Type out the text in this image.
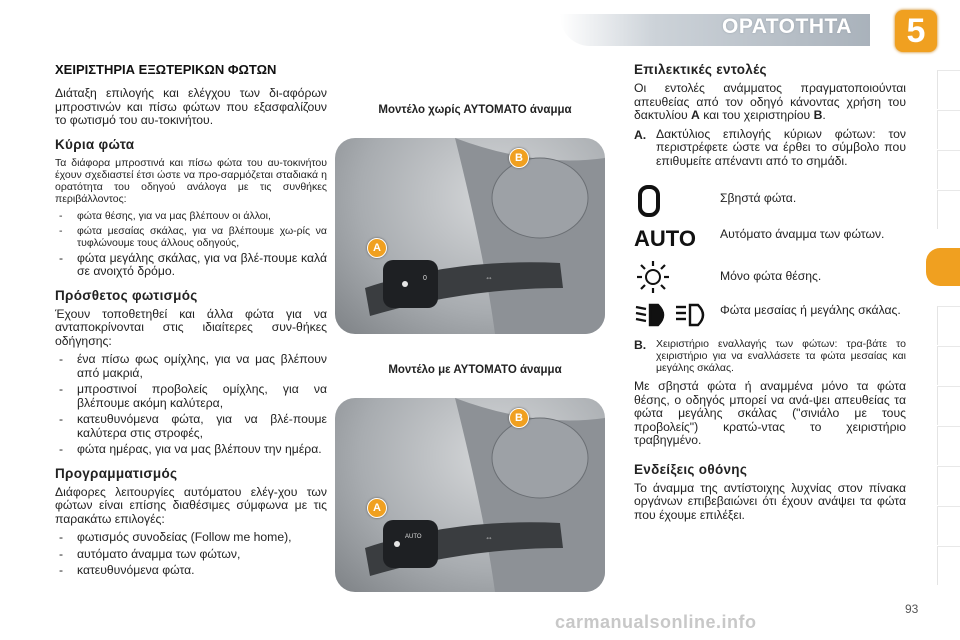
ΟΡΑΤΟΤΗΤΑ	5
ΧΕΙΡΙΣΤΗΡΙΑ ΕΞΩΤΕΡΙΚΩΝ ΦΩΤΩΝ

Διάταξη επιλογής και ελέγχου των δι-αφόρων μπροστινών και πίσω φώτων που εξασφαλίζουν το φωτισμό του αυ-τοκινήτου.

Κύρια φώτα

Τα διάφορα μπροστινά και πίσω φώτα του αυ-τοκινήτου έχουν σχεδιαστεί έτσι ώστε να προ-σαρμόζεται σταδιακά η ορατότητα του οδηγού ανάλογα με τις συνθήκες περιβάλλοντος:

- φώτα θέσης, για να μας βλέπουν οι άλλοι,
- φώτα μεσαίας σκάλας, για να βλέπουμε χω-ρίς να τυφλώνουμε τους άλλους οδηγούς,
- φώτα μεγάλης σκάλας, για να βλέ-πουμε καλά σε ανοιχτό δρόμο.
Πρόσθετος φωτισμός

Έχουν τοποθετηθεί και άλλα φώτα για να ανταποκρίνονται στις ιδιαίτερες συν-θήκες οδήγησης:

- ένα πίσω φως ομίχλης, για να μας βλέπουν από μακριά,
- μπροστινοί προβολείς ομίχλης, για να βλέπουμε ακόμη καλύτερα,
- κατευθυνόμενα φώτα, για να βλέ-πουμε καλύτερα στις στροφές,
- φώτα ημέρας, για να μας βλέπουν την ημέρα.
Προγραμματισμός

Διάφορες λειτουργίες αυτόματου ελέγ-χου των φώτων είναι επίσης διαθέσιμες σύμφωνα με τις παρακάτω επιλογές:

- φωτισμός συνοδείας (Follow me home),
- αυτόματο άναμμα των φώτων,
- κατευθυνόμενα φώτα.
Μοντέλο χωρίς ΑΥΤΟΜΑΤΟ άναμμα
0	⇔
A
B
Μοντέλο με ΑΥΤΟΜΑΤΟ άναμμα
AUTO	⇔
A
B
Επιλεκτικές εντολές

Οι εντολές ανάμματος πραγματοποιούνται απευθείας από τον οδηγό κάνοντας χρήση του δακτυλίου A και του χειριστηρίου B.

A. Δακτύλιος επιλογής κύριων φώτων: τον περιστρέφετε ώστε να έρθει το σύμβολο που επιθυμείτε απέναντι από το σημάδι.

Σβηστά φώτα.
AUTO Αυτόματο άναμμα των φώτων.
Μόνο φώτα θέσης.
Φώτα μεσαίας ή μεγάλης σκάλας.
B. Χειριστήριο εναλλαγής των φώτων: τρα-βάτε το χειριστήριο για να εναλλάσετε τα φώτα μεσαίας και μεγάλης σκάλας.

Με σβηστά φώτα ή αναμμένα μόνο τα φώτα θέσης, ο οδηγός μπορεί να ανά-ψει απευθείας τα φώτα μεγάλης σκάλας ("σινιάλο με τους προβολείς") κρατώ-ντας το χειριστήριο τραβηγμένο.

Ενδείξεις οθόνης

Το άναμμα της αντίστοιχης λυχνίας στον πίνακα οργάνων επιβεβαιώνει ότι έχουν ανάψει τα φώτα που έχουμε επιλέξει.

93
carmanualsonline.info
